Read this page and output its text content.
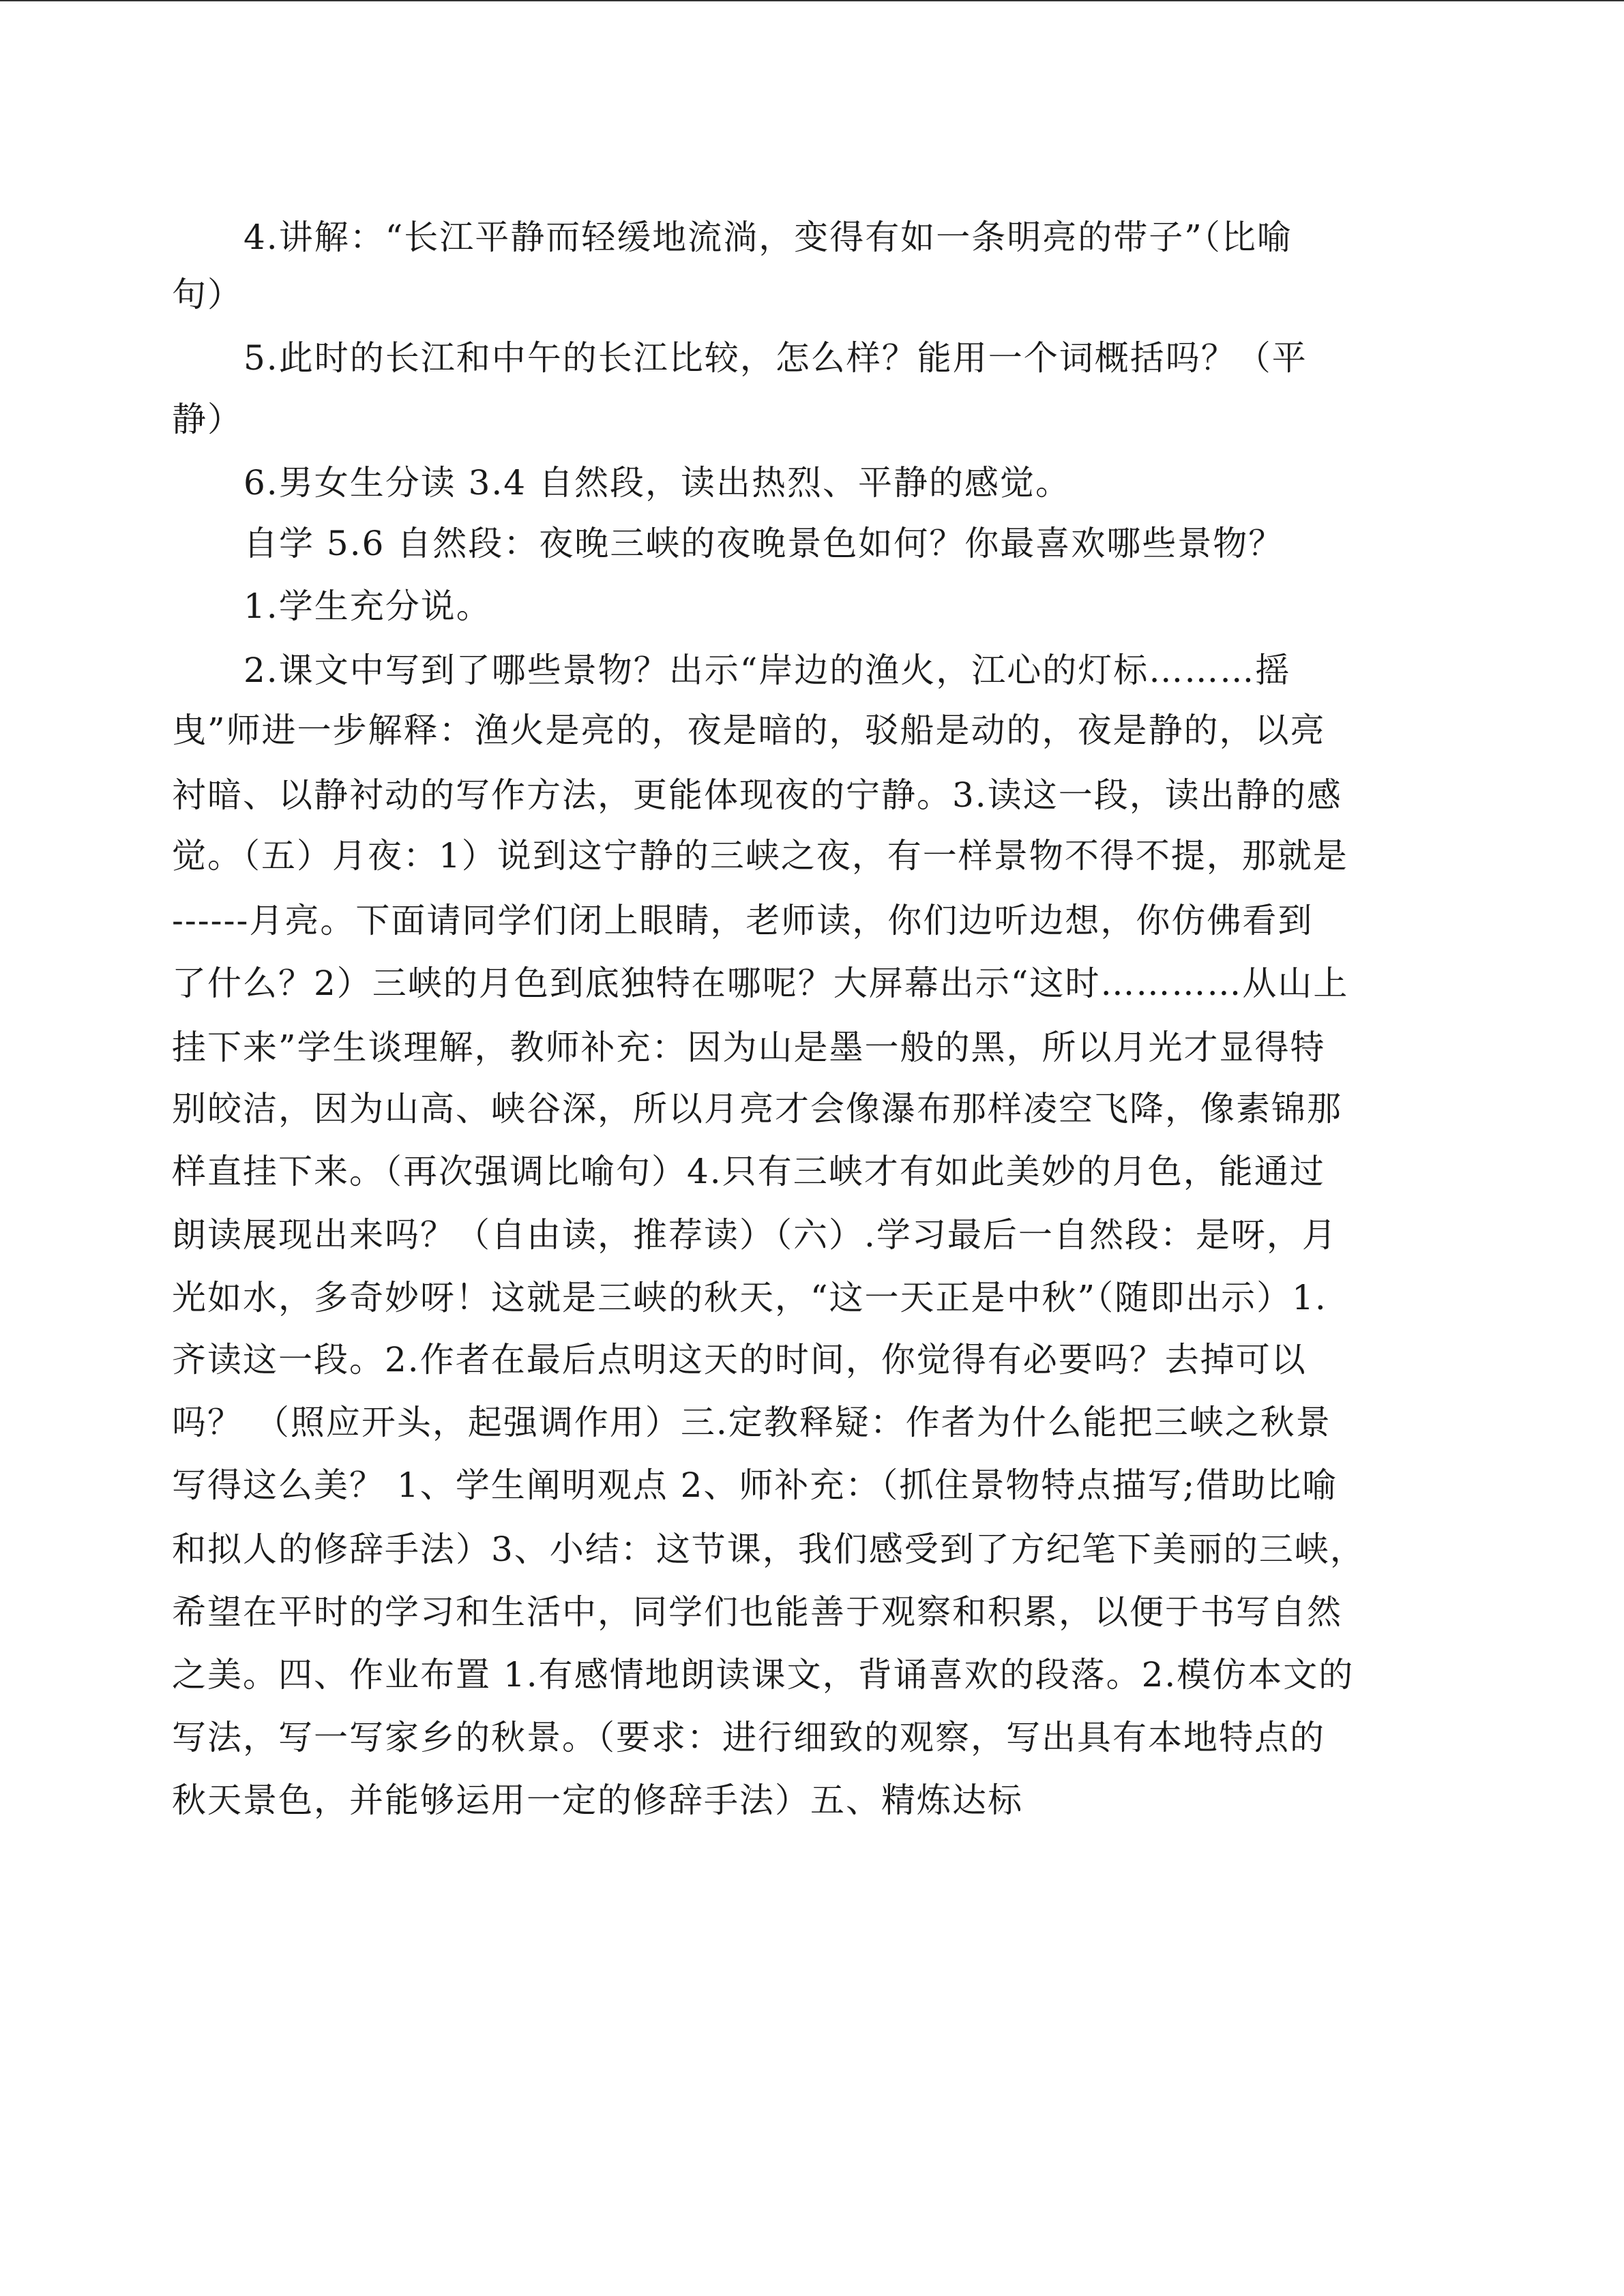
4.讲解：“长江平静而轻缓地流淌，变得有如一条明亮的带子”（比喻
句）
5.此时的长江和中午的长江比较，怎么样？能用一个词概括吗？（平
静）
6.男女生分读 3.4 自然段，读出热烈、平静的感觉。
自学 5.6 自然段：夜晚三峡的夜晚景色如何？你最喜欢哪些景物？
1.学生充分说。
2.课文中写到了哪些景物？出示“岸边的渔火，江心的灯标………摇
曳”师进一步解释：渔火是亮的，夜是暗的，驳船是动的，夜是静的，以亮
衬暗、以静衬动的写作方法，更能体现夜的宁静。3.读这一段，读出静的感
觉。（五）月夜：1）说到这宁静的三峡之夜，有一样景物不得不提，那就是
------月亮。下面请同学们闭上眼睛，老师读，你们边听边想，你仿佛看到
了什么？2）三峡的月色到底独特在哪呢？大屏幕出示“这时…………从山上
挂下来”学生谈理解，教师补充：因为山是墨一般的黑，所以月光才显得特
别皎洁，因为山高、峡谷深，所以月亮才会像瀑布那样凌空飞降，像素锦那
样直挂下来。（再次强调比喻句）4.只有三峡才有如此美妙的月色，能通过
朗读展现出来吗？（自由读，推荐读）（六）.学习最后一自然段：是呀，月
光如水，多奇妙呀！这就是三峡的秋天，“这一天正是中秋”（随即出示）1.
齐读这一段。2.作者在最后点明这天的时间，你觉得有必要吗？去掉可以
吗？ （照应开头，起强调作用）三.定教释疑：作者为什么能把三峡之秋景
写得这么美？ 1、学生阐明观点 2、师补充：（抓住景物特点描写;借助比喻
和拟人的修辞手法）3、小结：这节课，我们感受到了方纪笔下美丽的三峡，
希望在平时的学习和生活中，同学们也能善于观察和积累，以便于书写自然
之美。四、作业布置 1.有感情地朗读课文，背诵喜欢的段落。2.模仿本文的
写法，写一写家乡的秋景。（要求：进行细致的观察，写出具有本地特点的
秋天景色，并能够运用一定的修辞手法）五、精炼达标
